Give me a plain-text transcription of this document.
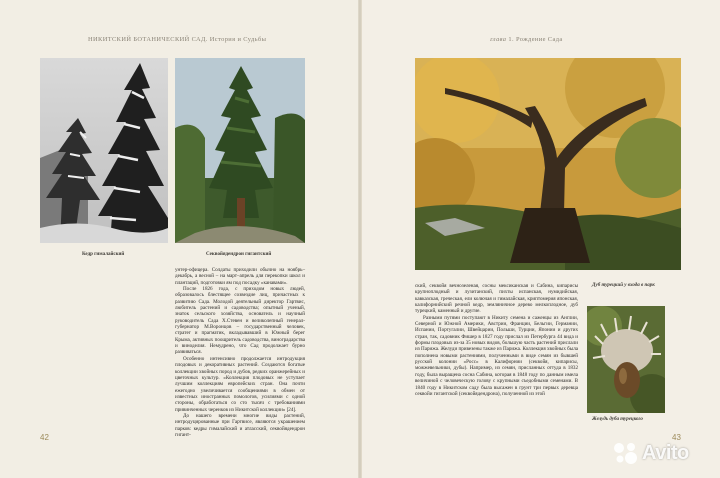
НИКИТСКИЙ БОТАНИЧЕСКИЙ САД. История и Судьбы	глава 1. Рождение Сада
Кедр гималайский	Секвойядендрон гигантский

унтер-офицера. Солдаты приходили обычно на ноябрь–декабрь, а весной – на март–апрель для перекопки школ и плантаций, подготовки ям под посадку «канавами».

После 1826 года, с приходом новых людей, образовалось блестящее созвездие лиц, причастных к развитию Сада. Молодой деятельный директор Гартвис, любитель растений и садоводства; опытный ученый, знаток сельского хозяйства, основатель и научный руководитель Сада Х.Стевен и великолепный генерал-губернатор М.Воронцов – государственный человек, стратег и прагматик, вкладывавший в Южный берег Крыма, активных поощритель садоводства, виноградарства и виноделия. Немудрено, что Сад продолжает бурно развиваться.

Особенно интенсивно продолжается интродукция плодовых и декоративных растений. Создаются богатые коллекции хвойных пород и дубов, редких оранжерейных и цветочных культур. «Коллекция плодовых не уступает лучшим коллекциям европейских стран. Она почти ежегодно увеличивается сообщениями в обмен от известных иностранных помологов, усилиями с одной стороны, обработаться со сто тысяч с требованиями привинченных черенков из Никитской коллекции» [24].

До нашего времени многие виды растений, интродуцированные при Гартвисе, являются украшением парков: кедры гималайский и атласский, секвойядендрон гигант-

42
Дуб турецкий у входа в парк
Желудь дуба турецкого

ский, секвойя вечнозеленая, сосны мексиканская и Сабина, кипарисы крупноплодный и лузитанский, пихты испанская, нумидийская, кавказская, греческая, ели колючая и гималайская, криптомерия японская, калифорнийский речной кедр, земляничное дерево мелкоплодное, дуб турецкий, каменный и другие.

Разными путями поступают в Никиту семена и саженцы из Англии, Северной и Южной Америки, Австрии, Франции, Бельгии, Германии, Испании, Португалии, Швейцарии, Польши, Турции, Японии и других стран, так, садовник Фишер в 1827 году прислал из Петербурга 44 вида и формы плодовых из-за 35 новых видов, большую часть растений прислали из Парижа. Желуди привезены также из Парижа. Коллекция хвойных была пополнена новыми растениями, полученными в виде семян из бывшей русской колонии «Росс» в Калифорнии (секвойя, кипарисы, можжевельники, дубы). Например, из семян, присланных оттуда в 1832 году, была выращена сосна Сабина, которая в 1848 году по данным имела величиной с человеческую голову с крупными съедобными семенами. В 1840 году в Никитском саду была высажен в грунт три первых деревца секвойи гигантской (секвойядендрона), полученной из этой

43
Avito
